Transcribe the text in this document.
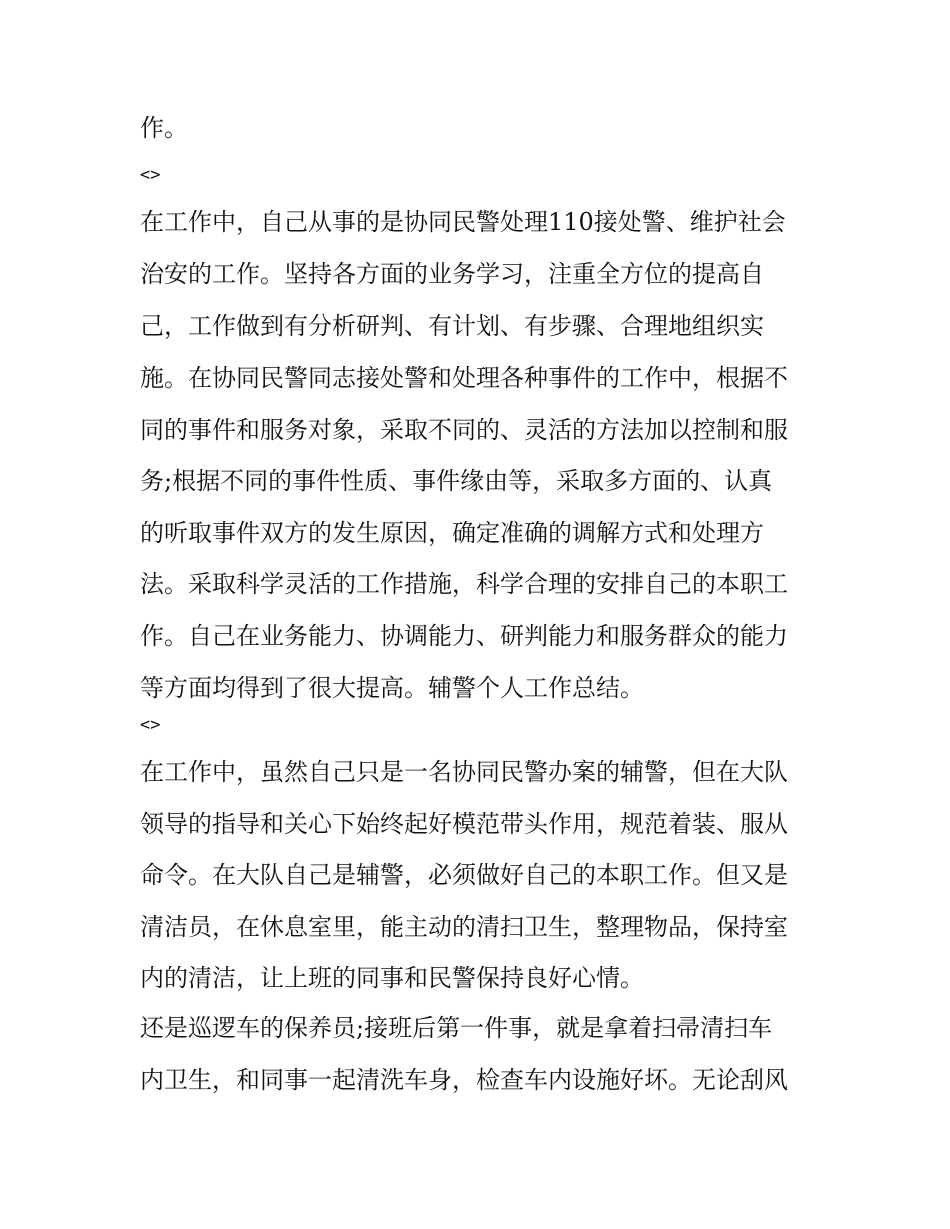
作。
<>
在工作中，自己从事的是协同民警处理110接处警、维护社会
治安的工作。坚持各方面的业务学习，注重全方位的提高自
己，工作做到有分析研判、有计划、有步骤、合理地组织实
施。在协同民警同志接处警和处理各种事件的工作中，根据不
同的事件和服务对象，采取不同的、灵活的方法加以控制和服
务;根据不同的事件性质、事件缘由等，采取多方面的、认真
的听取事件双方的发生原因，确定准确的调解方式和处理方
法。采取科学灵活的工作措施，科学合理的安排自己的本职工
作。自己在业务能力、协调能力、研判能力和服务群众的能力
等方面均得到了很大提高。辅警个人工作总结。
<>
在工作中，虽然自己只是一名协同民警办案的辅警，但在大队
领导的指导和关心下始终起好模范带头作用，规范着装、服从
命令。在大队自己是辅警，必须做好自己的本职工作。但又是
清洁员，在休息室里，能主动的清扫卫生，整理物品，保持室
内的清洁，让上班的同事和民警保持良好心情。
还是巡逻车的保养员;接班后第一件事，就是拿着扫帚清扫车
内卫生，和同事一起清洗车身，检查车内设施好坏。无论刮风
